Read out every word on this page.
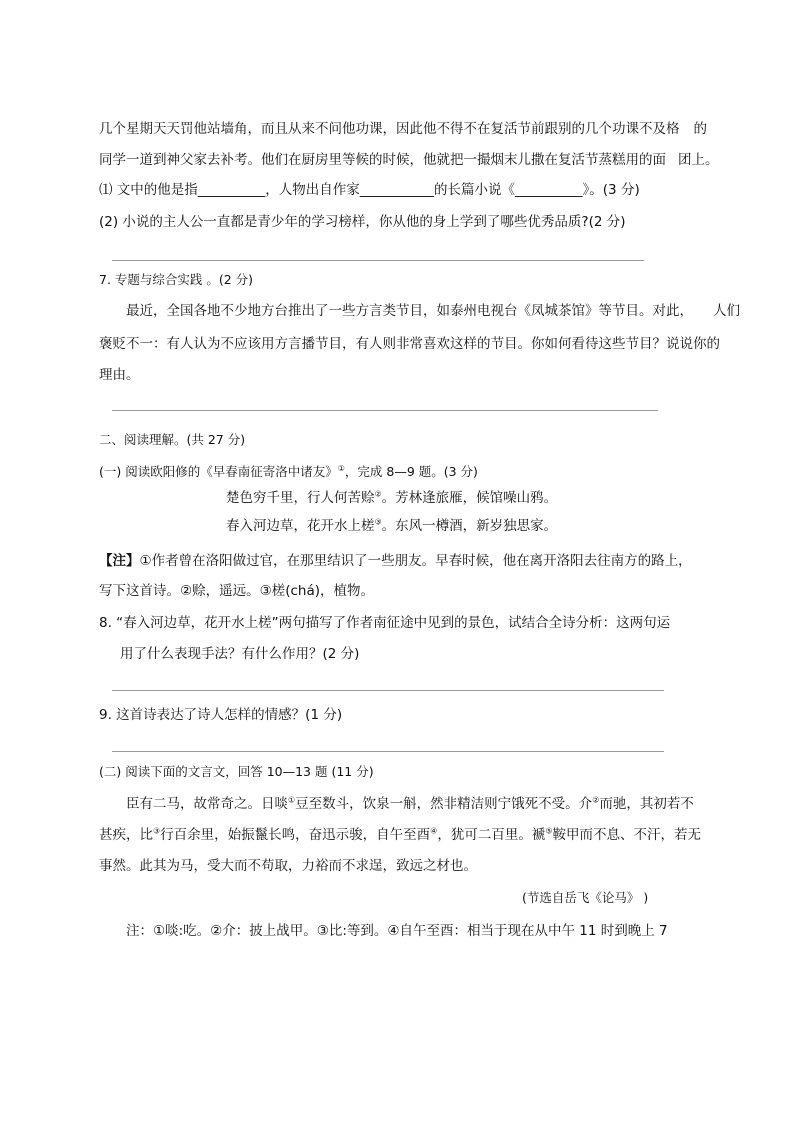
几个星期天天罚他站墙角，而且从来不问他功课，因此他不得不在复活节前跟别的几个功课不及格 的
同学一道到神父家去补考。他们在厨房里等候的时候，他就把一撮烟末儿撒在复活节蒸糕用的面 团上。
⑴ 文中的他是指__________，人物出自作家___________的长篇小说《__________》。(3 分)
(2) 小说的主人公一直都是青少年的学习榜样，你从他的身上学到了哪些优秀品质?(2 分)
7. 专题与综合实践 。(2 分)
最近，全国各地不少地方台推出了一些方言类节目，如泰州电视台《凤城茶馆》等节目。对此， 人们
褒贬不一：有人认为不应该用方言播节目，有人则非常喜欢这样的节目。你如何看待这些节目？说说你的
理由。
二、阅读理解。(共 27 分)
(一) 阅读欧阳修的《早春南征寄洛中诸友》①，完成 8—9 题。(3 分)
楚色穷千里，行人何苦赊②。芳林逢旅雁，候馆噪山鸦。
春入河边草，花开水上槎③。东风一樽酒，新岁独思家。
【注】①作者曾在洛阳做过官，在那里结识了一些朋友。早春时候，他在离开洛阳去往南方的路上，
写下这首诗。②赊，遥远。③槎(chá)，植物。
8. “春入河边草，花开水上槎”两句描写了作者南征途中见到的景色，试结合全诗分析：这两句运
用了什么表现手法？有什么作用？(2 分)
9. 这首诗表达了诗人怎样的情感？(1 分)
(二) 阅读下面的文言文，回答 10—13 题 (11 分)
臣有二马，故常奇之。日啖①豆至数斗，饮泉一斛，然非精洁则宁饿死不受。介②而驰，其初若不
甚疾，比③行百余里，始振鬣长鸣，奋迅示骏，自午至酉④，犹可二百里。褫⑤鞍甲而不息、不汗，若无
事然。此其为马，受大而不苟取，力裕而不求逞，致远之材也。
(节选自岳飞《论马》 )
注：①啖:吃。②介：披上战甲。③比:等到。④自午至酉：相当于现在从中午 11 时到晚上 7
